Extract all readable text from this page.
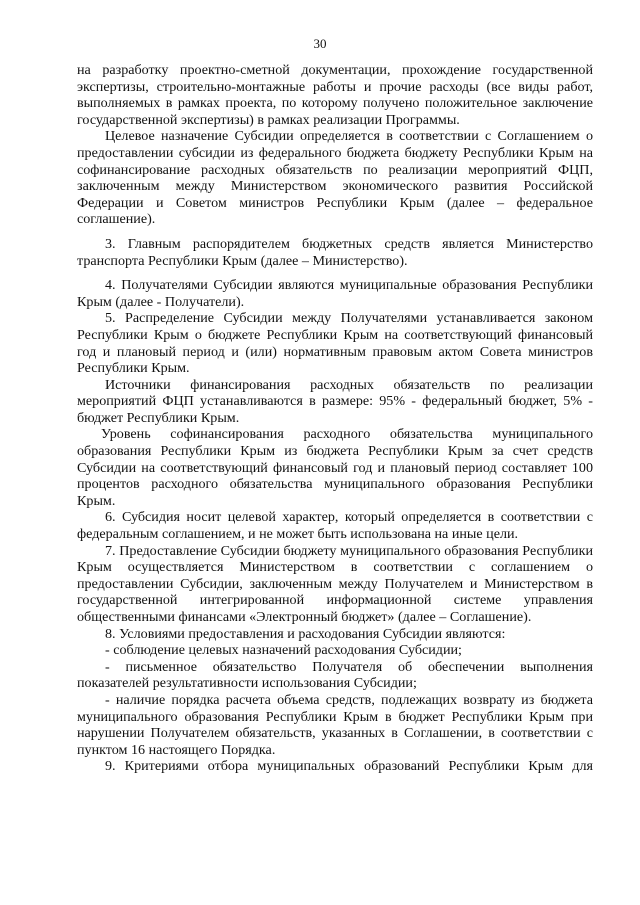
30

на разработку проектно-сметной документации, прохождение государственной экспертизы, строительно-монтажные работы и прочие расходы (все виды работ, выполняемых в рамках проекта, по которому получено положительное заключение государственной экспертизы) в рамках реализации Программы.

Целевое назначение Субсидии определяется в соответствии с Соглашением о предоставлении субсидии из федерального бюджета бюджету Республики Крым на софинансирование расходных обязательств по реализации мероприятий ФЦП, заключенным между Министерством экономического развития Российской Федерации и Советом министров Республики Крым (далее – федеральное соглашение).

3. Главным распорядителем бюджетных средств является Министерство транспорта Республики Крым (далее – Министерство).

4. Получателями Субсидии являются муниципальные образования Республики Крым (далее - Получатели).

5. Распределение Субсидии между Получателями устанавливается законом Республики Крым о бюджете Республики Крым на соответствующий финансовый год и плановый период и (или) нормативным правовым актом Совета министров Республики Крым.

Источники финансирования расходных обязательств по реализации мероприятий ФЦП устанавливаются в размере: 95% - федеральный бюджет, 5% - бюджет Республики Крым.

Уровень софинансирования расходного обязательства муниципального образования Республики Крым из бюджета Республики Крым за счет средств Субсидии на соответствующий финансовый год и плановый период составляет 100 процентов расходного обязательства муниципального образования Республики Крым.

6. Субсидия носит целевой характер, который определяется в соответствии с федеральным соглашением, и не может быть использована на иные цели.

7. Предоставление Субсидии бюджету муниципального образования Республики Крым осуществляется Министерством в соответствии с соглашением о предоставлении Субсидии, заключенным между Получателем и Министерством в государственной интегрированной информационной системе управления общественными финансами «Электронный бюджет» (далее – Соглашение).

8. Условиями предоставления и расходования Субсидии являются:

- соблюдение целевых назначений расходования Субсидии;

- письменное обязательство Получателя об обеспечении выполнения показателей результативности использования Субсидии;

- наличие порядка расчета объема средств, подлежащих возврату из бюджета муниципального образования Республики Крым в бюджет Республики Крым при нарушении Получателем обязательств, указанных в Соглашении, в соответствии с пунктом 16 настоящего Порядка.

9. Критериями отбора муниципальных образований Республики Крым для
